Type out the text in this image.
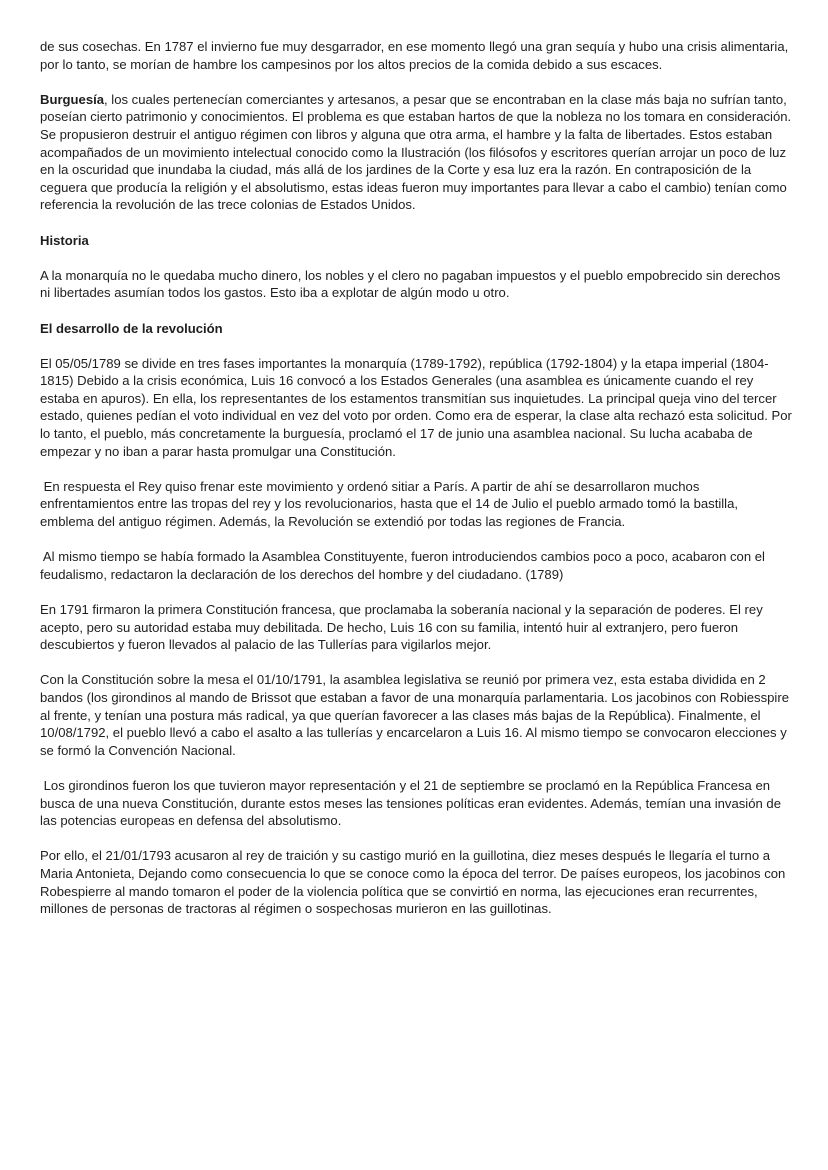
de sus cosechas. En 1787 el invierno fue muy desgarrador, en ese momento llegó una gran sequía y hubo una crisis alimentaria, por lo tanto, se morían de hambre los campesinos por los altos precios de la comida debido a sus escaces.

Burguesía, los cuales pertenecían comerciantes y artesanos, a pesar que se encontraban en la clase más baja no sufrían tanto, poseían cierto patrimonio y conocimientos. El problema es que estaban hartos de que la nobleza no los tomara en consideración. Se propusieron destruir el antiguo régimen con libros y alguna que otra arma, el hambre y la falta de libertades. Estos estaban acompañados de un movimiento intelectual conocido como la Ilustración (los filósofos y escritores querían arrojar un poco de luz en la oscuridad que inundaba la ciudad, más allá de los jardines de la Corte y esa luz era la razón. En contraposición de la ceguera que producía la religión y el absolutismo, estas ideas fueron muy importantes para llevar a cabo el cambio) tenían como referencia la revolución de las trece colonias de Estados Unidos.

Historia

A la monarquía no le quedaba mucho dinero, los nobles y el clero no pagaban impuestos y el pueblo empobrecido sin derechos ni libertades asumían todos los gastos. Esto iba a explotar de algún modo u otro.

El desarrollo de la revolución

El 05/05/1789 se divide en tres fases importantes la monarquía (1789-1792), república (1792-1804) y la etapa imperial (1804-1815) Debido a la crisis económica, Luis 16 convocó a los Estados Generales (una asamblea es únicamente cuando el rey estaba en apuros). En ella, los representantes de los estamentos transmitían sus inquietudes. La principal queja vino del tercer estado, quienes pedían el voto individual en vez del voto por orden. Como era de esperar, la clase alta rechazó esta solicitud. Por lo tanto, el pueblo, más concretamente la burguesía, proclamó el 17 de junio una asamblea nacional. Su lucha acababa de empezar y no iban a parar hasta promulgar una Constitución.

En respuesta el Rey quiso frenar este movimiento y ordenó sitiar a París. A partir de ahí se desarrollaron muchos enfrentamientos entre las tropas del rey y los revolucionarios, hasta que el 14 de Julio el pueblo armado tomó la bastilla, emblema del antiguo régimen. Además, la Revolución se extendió por todas las regiones de Francia.

Al mismo tiempo se había formado la Asamblea Constituyente, fueron introduciendos cambios poco a poco, acabaron con el feudalismo, redactaron la declaración de los derechos del hombre y del ciudadano. (1789)

En 1791 firmaron la primera Constitución francesa, que proclamaba la soberanía nacional y la separación de poderes. El rey acepto, pero su autoridad estaba muy debilitada. De hecho, Luis 16 con su familia, intentó huir al extranjero, pero fueron descubiertos y fueron llevados al palacio de las Tullerías para vigilarlos mejor.

Con la Constitución sobre la mesa el 01/10/1791, la asamblea legislativa se reunió por primera vez, esta estaba dividida en 2 bandos (los girondinos al mando de Brissot que estaban a favor de una monarquía parlamentaria. Los jacobinos con Robiesspire al frente, y tenían una postura más radical, ya que querían favorecer a las clases más bajas de la República). Finalmente, el 10/08/1792, el pueblo llevó a cabo el asalto a las tullerías y encarcelaron a Luis 16. Al mismo tiempo se convocaron elecciones y se formó la Convención Nacional.

Los girondinos fueron los que tuvieron mayor representación y el 21 de septiembre se proclamó en la República Francesa en busca de una nueva Constitución, durante estos meses las tensiones políticas eran evidentes. Además, temían una invasión de las potencias europeas en defensa del absolutismo.

Por ello, el 21/01/1793 acusaron al rey de traición y su castigo murió en la guillotina, diez meses después le llegaría el turno a Maria Antonieta, Dejando como consecuencia lo que se conoce como la época del terror. De países europeos, los jacobinos con Robespierre al mando tomaron el poder de la violencia política que se convirtió en norma, las ejecuciones eran recurrentes, millones de personas de tractoras al régimen o sospechosas murieron en las guillotinas.
